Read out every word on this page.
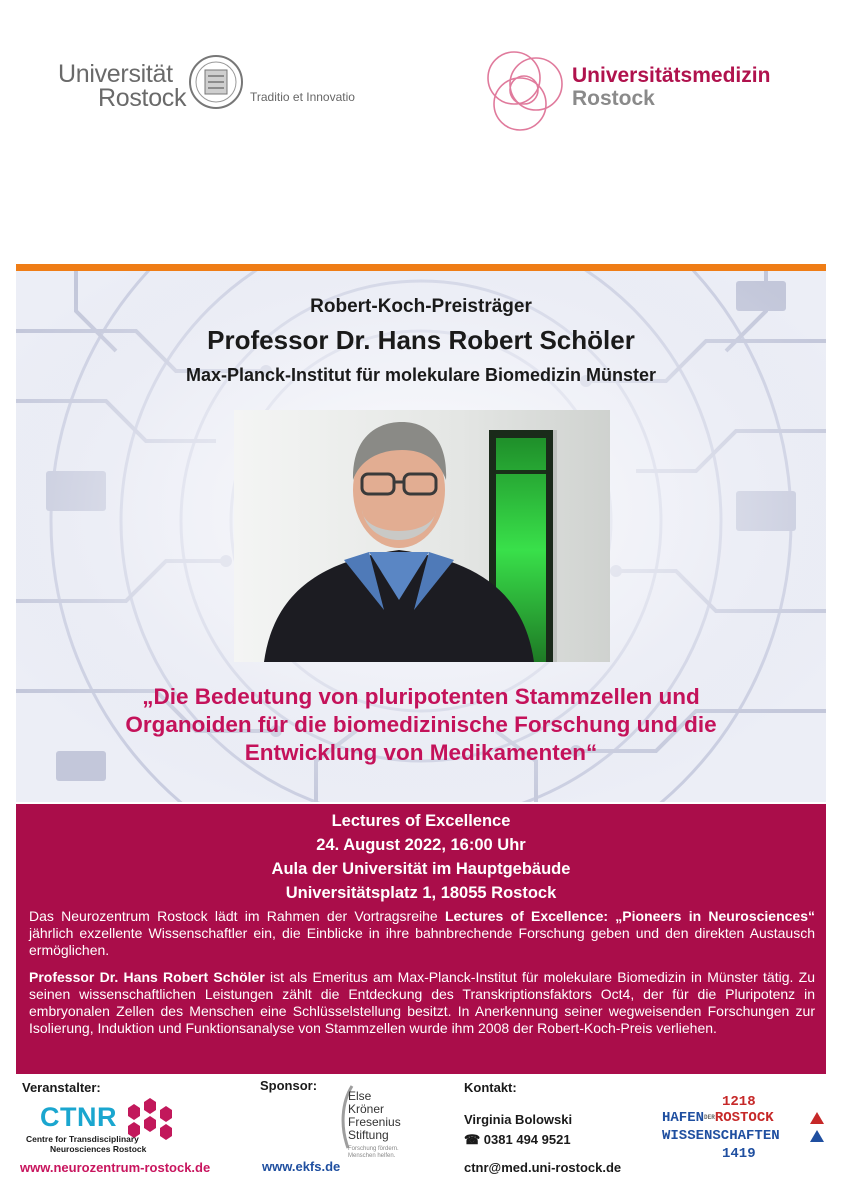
Universität
Rostock	Traditio et Innovatio
Universitätsmedizin
Rostock
Robert-Koch-Preisträger
Professor Dr. Hans Robert Schöler
Max-Planck-Institut für molekulare Biomedizin Münster
„Die Bedeutung von pluripotenten Stammzellen und
Organoiden für die biomedizinische Forschung und die
Entwicklung von Medikamenten“
Lectures of Excellence
24. August 2022, 16:00 Uhr
Aula der Universität im Hauptgebäude
Universitätsplatz 1, 18055 Rostock
Das Neurozentrum Rostock lädt im Rahmen der Vortragsreihe Lectures of Excellence: „Pioneers in Neurosciences“ jährlich exzellente Wissenschaftler ein, die Einblicke in ihre bahnbrechende Forschung geben und den direkten Austausch ermöglichen.
Professor Dr. Hans Robert Schöler ist als Emeritus am Max-Planck-Institut für molekulare Biomedizin in Münster tätig. Zu seinen wissenschaftlichen Leistungen zählt die Entdeckung des Transkriptionsfaktors Oct4, der für die Pluripotenz in embryonalen Zellen des Menschen eine Schlüsselstellung besitzt. In Anerkennung seiner wegweisenden Forschungen zur Isolierung, Induktion und Funktionsanalyse von Stammzellen wurde ihm 2008 der Robert-Koch-Preis verliehen.
Veranstalter:
CTNR
Centre for Transdisciplinary
Neurosciences Rostock
www.neurozentrum-rostock.de
Sponsor:
Else
Kröner
Fresenius
Stiftung
Forschung fördern.
Menschen helfen.
www.ekfs.de
Kontakt:
Virginia Bolowski
☎ 0381 494 9521
ctnr@med.uni-rostock.de
1218
HAFENDERROSTOCK
WISSENSCHAFTEN
1419
